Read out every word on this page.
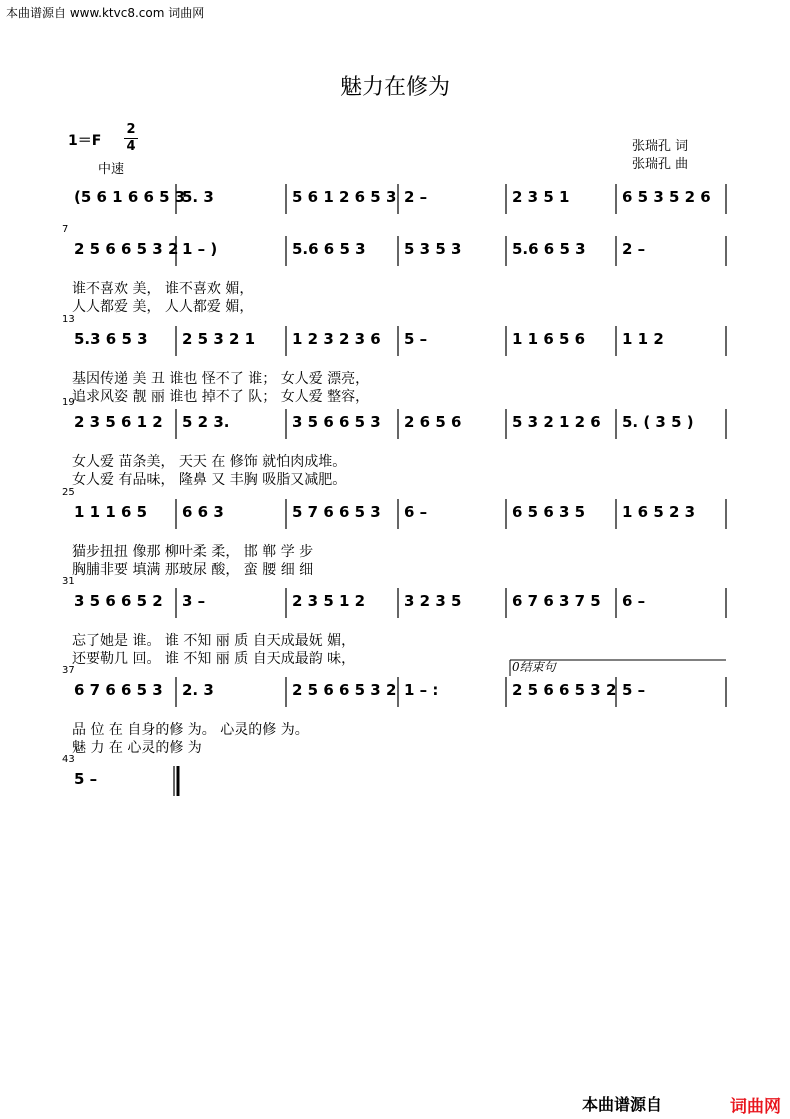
本曲谱源自 www.ktvc8.com 词曲网
魅力在修为
1＝F
2
4
中速
张瑞孔 词
张瑞孔 曲
0结束句
(5 6 1 6 6 5 3
5. 3	5 6 1 2 6 5 3 2 –	2 3 5 1	6 5 3 5 2 6
7
2 5 6 6 5 3 2 1 – )	5.6 6 5 3	5 3 5 3	5.6 6 5 3 2 –
谁不喜欢 美， 谁不喜欢 媚，
人人都爱 美， 人人都爱 媚，
13
5.3 6 5 3 2 5 3 2 1 1 2 3 2 3 6 5 –	1 1 6 5 6 1 1 2
基因传递 美 丑 谁也 怪不了 谁； 女人爱 漂亮，
追求风姿 靓 丽 谁也 掉不了 队； 女人爱 整容，
19
2 3 5 6 1 2 5 2 3.	3 5 6 6 5 3 2 6 5 6	5 3 2 1 2 6 5. ( 3 5 )
女人爱 苗条美， 天天 在 修饰 就怕肉成堆。
女人爱 有品味， 隆鼻 又 丰胸 吸脂又减肥。
25
1 1 1 6 5 6 6 3	5 7 6 6 5 3 6 –	6 5 6 3 5 1 6 5 2 3
猫步扭扭 像那 柳叶柔 柔， 邯 郸 学 步
胸脯非要 填满 那玻尿 酸， 蛮 腰 细 细
31
3 5 6 6 5 2 3 –	2 3 5 1 2	3 2 3 5	6 7 6 3 7 5 6 –
忘了她是 谁。 谁 不知 丽 质 自天成最妩 媚，
还要勒几 回。 谁 不知 丽 质 自天成最韵 味，
37
6 7 6 6 5 3 2. 3	2 5 6 6 5 3 2 1 – :	2 5 6 6 5 3 2 5 –
品 位 在 自身的修 为。 心灵的修 为。
魅 力 在 心灵的修 为
43
5 –
本曲谱源自	词曲网
